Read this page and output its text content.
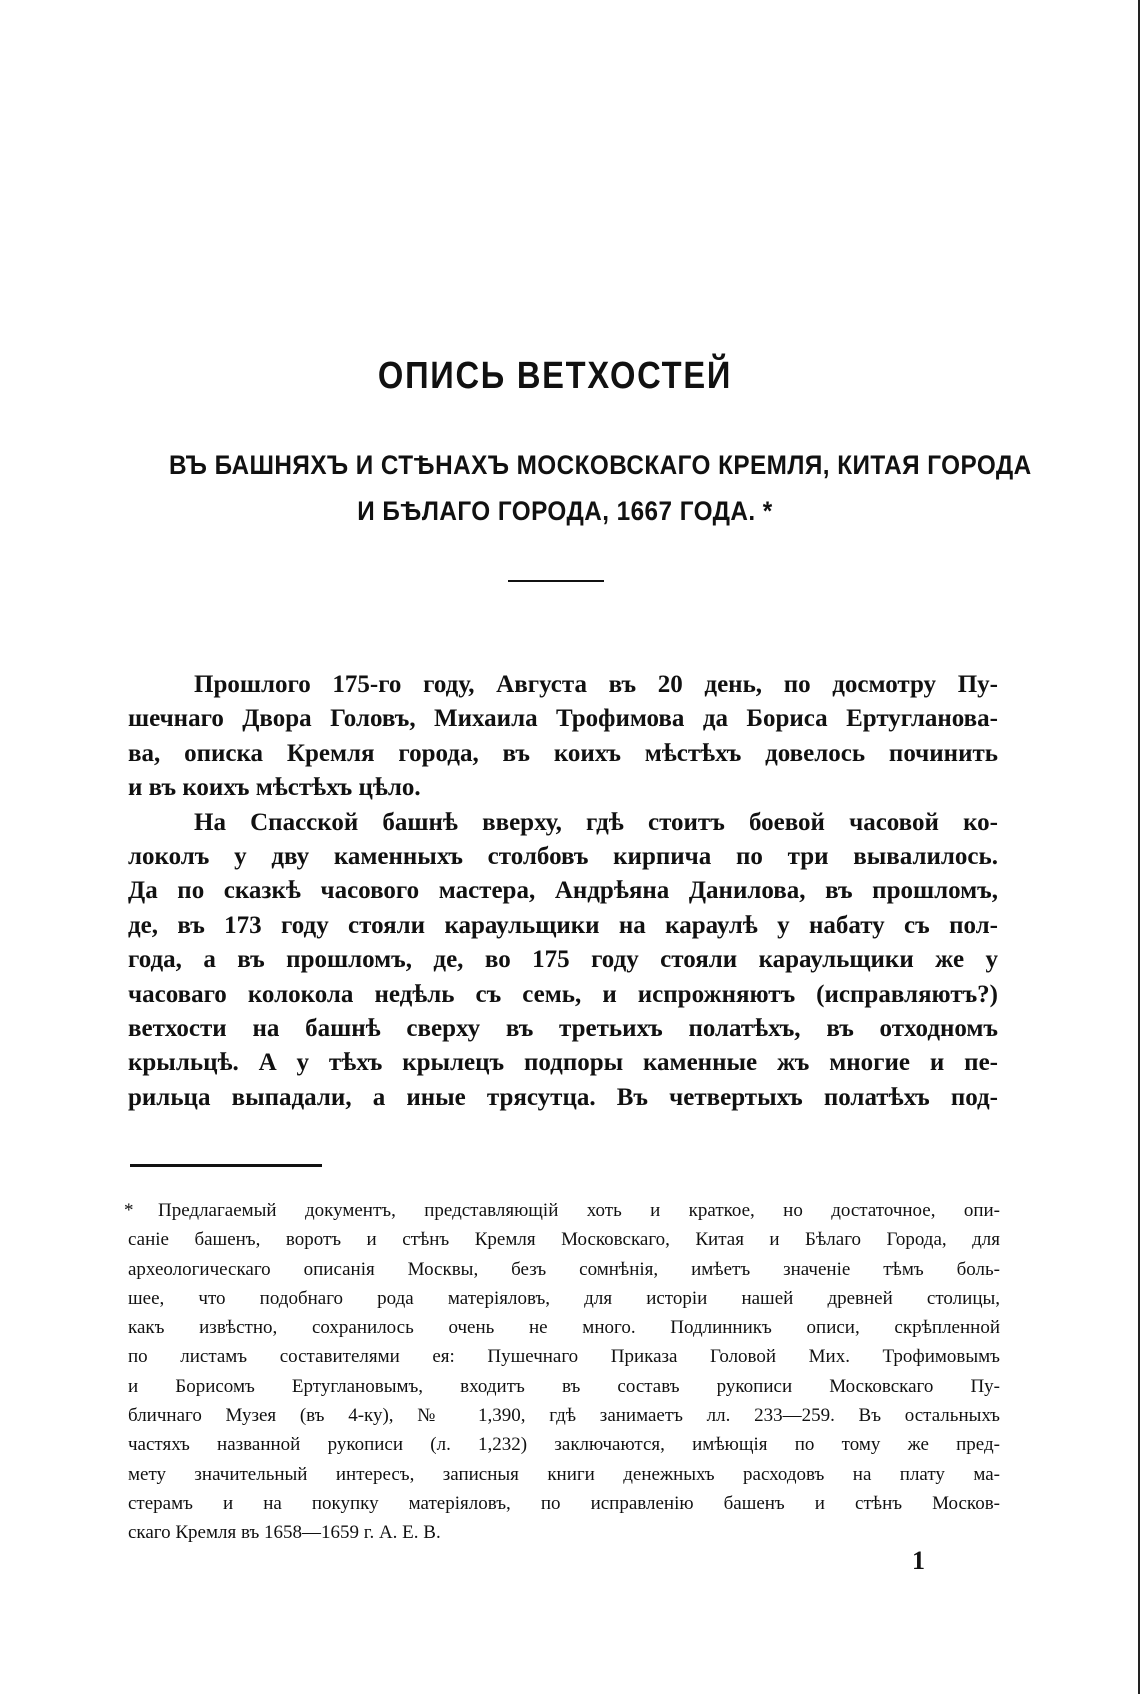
ОПИСЬ ВЕТХОСТЕЙ
ВЪ БАШНЯХЪ И СТѢНАХЪ МОСКОВСКАГО КРЕМЛЯ, КИТАЯ ГОРОДА
И БѢЛАГО ГОРОДА, 1667 ГОДА. *
Прошлого 175-го году, Августа въ 20 день, по досмотру Пу-
шечнаго Двора Головъ, Михаила Трофимова да Бориса Ертугланова-
ва, описка Кремля города, въ коихъ мѣстѣхъ довелось починить
и въ коихъ мѣстѣхъ цѣло.
На Спасской башнѣ вверху, гдѣ стоитъ боевой часовой ко-
локолъ у дву каменныхъ столбовъ кирпича по три вывалилось.
Да по сказкѣ часового мастера, Андрѣяна Данилова, въ прошломъ,
де, въ 173 году стояли караульщики на караулѣ у набату съ пол-
года, а въ прошломъ, де, во 175 году стояли караульщики же у
часоваго колокола недѣль съ семь, и испрожняютъ (исправляютъ?)
ветхости на башнѣ сверху въ третьихъ полатѣхъ, въ отходномъ
крыльцѣ. А у тѣхъ крылецъ подпоры каменные жъ многие и пе-
рильца выпадали, а иные трясутца. Въ четвертыхъ полатѣхъ под-
*	Предлагаемый документъ, представляющій хоть и краткое, но достаточное, опи-
саніе башенъ, воротъ и стѣнъ Кремля Московскаго, Китая и Бѣлаго Города, для
археологическаго описанія Москвы, безъ сомнѣнія, имѣетъ значеніе тѣмъ боль-
шее, что подобнаго рода матеріяловъ, для исторіи нашей древней столицы,
какъ извѣстно, сохранилось очень не много. Подлинникъ описи, скрѣпленной
по листамъ составителями ея: Пушечнаго Приказа Головой Мих. Трофимовымъ
и Борисомъ Ертуглановымъ, входитъ въ составъ рукописи Московскаго Пу-
бличнаго Музея (въ 4-ку), № 1,390, гдѣ занимаетъ лл. 233—259. Въ остальныхъ
частяхъ названной рукописи (л. 1,232) заключаются, имѣющія по тому же пред-
мету значительный интересъ, записныя книги денежныхъ расходовъ на плату ма-
стерамъ и на покупку матеріяловъ, по исправленію башенъ и стѣнъ Москов-
скаго Кремля въ 1658—1659 г. А. Е. В.
1
